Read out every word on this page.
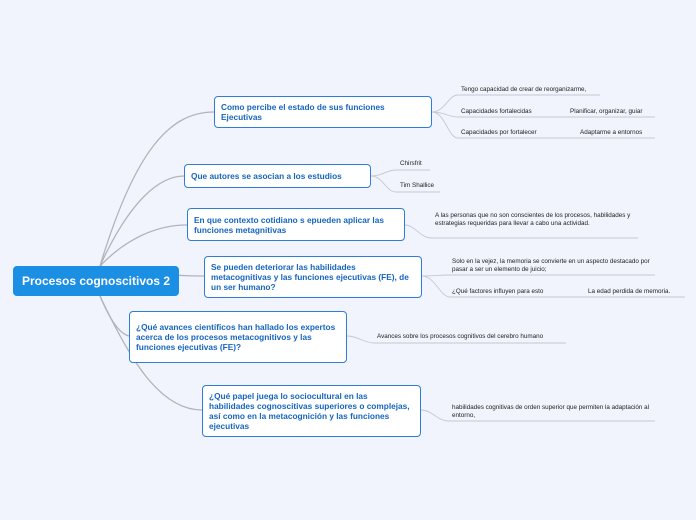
Procesos cognoscitivos 2
Como percibe el estado de sus funciones Ejecutivas
Que autores se asocian a los estudios
En que contexto cotidiano s epueden aplicar las funciones metagnitivas
Se pueden deteriorar las habilidades metacognitivas y las funciones ejecutivas (FE), de un ser humano?
¿Qué avances científicos han hallado los expertos acerca de los procesos metacognitivos y las funciones ejecutivas (FE)?
¿Qué papel juega lo sociocultural en las habilidades cognoscitivas superiores o complejas, así como en la metacognición y las funciones ejecutivas
Tengo capacidad de crear de reorganizarme,
Capacidades fortalecidas	Planificar, organizar, guiar
Capacidades por fortalecer	Adaptarme a entornos
Chirsfrit
Tim Shallice
A las personas que no son conscientes de los procesos, habilidades y estrategias requeridas para llevar a cabo una actividad.
Solo en la vejez, la memoria se convierte en un aspecto destacado por pasar a ser un elemento de juicio;
¿Qué factores influyen para esto	La edad perdida de memoria.
Avances sobre los procesos cognitivos del cerebro humano
habilidades cognitivas de orden superior que permiten la adaptación al entorno,
